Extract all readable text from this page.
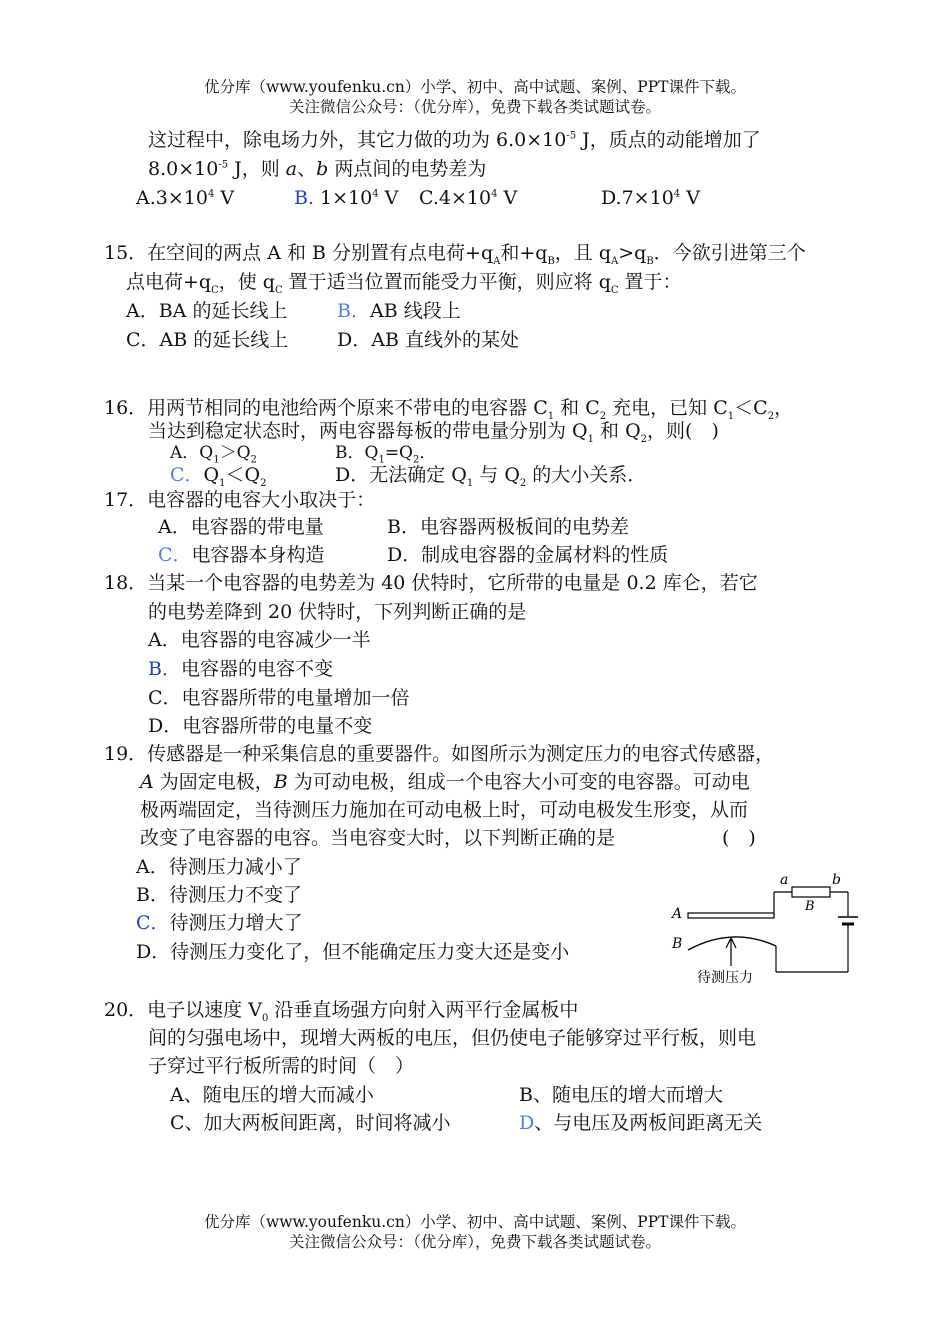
优分库（www.youfenku.cn）小学、初中、高中试题、案例、PPT课件下载。
关注微信公众号：（优分库），免费下载各类试题试卷。
这过程中，除电场力外，其它力做的功为 $6.0\times 10^{-5}$ J，质点的动能增加了
$8.0\times 10^{-5}$ J，则 a、b 两点间的电势差为
$A.3\times 10^4$ V	B. $1\times 10^4$ V $C.4\times 10^4$ V	$D.7\times 10^4$ V
15．在空间的两点 A 和 B 分别置有点电荷$+q_A$和$+q_B$，且 $q_A>q_B$．今欲引进第三个
点电荷$+q_C$，使 $q_C$ 置于适当位置而能受力平衡，则应将 $q_C$ 置于：
A．BA 的延长线上	B．AB 线段上
C．AB 的延长线上	D．AB 直线外的某处
16．用两节相同的电池给两个原来不带电的电容器 $C_1$ 和 $C_2$ 充电，已知 $C_1<C_2$，
当达到稳定状态时，两电容器每板的带电量分别为 $Q_1$ 和 $Q_2$，则(　)
A．$Q_1>Q_2$	B．$Q_1=Q_2$．
C．$Q_1<Q_2$	D．无法确定 $Q_1$ 与 $Q_2$ 的大小关系．
17．电容器的电容大小取决于：
A．电容器的带电量	B．电容器两极板间的电势差
C．电容器本身构造	D．制成电容器的金属材料的性质
18．当某一个电容器的电势差为 40 伏特时，它所带的电量是 0.2 库仑，若它
的电势差降到 20 伏特时，下列判断正确的是
A．电容器的电容减少一半
B．电容器的电容不变
C．电容器所带的电量增加一倍
D．电容器所带的电量不变
19．传感器是一种采集信息的重要器件。如图所示为测定压力的电容式传感器，
A 为固定电极，B 为可动电极，组成一个电容大小可变的电容器。可动电
极两端固定，当待测压力施加在可动电极上时，可动电极发生形变，从而
改变了电容器的电容。当电容变大时，以下判断正确的是	(　)
A．待测压力减小了
B．待测压力不变了
C．待测压力增大了
D．待测压力变化了，但不能确定压力变大还是变小
a	b
B
A
B
待测压力
20．电子以速度 $V_0$ 沿垂直场强方向射入两平行金属板中
间的匀强电场中，现增大两板的电压，但仍使电子能够穿过平行板，则电
子穿过平行板所需的时间（　）
A、随电压的增大而减小	B、随电压的增大而增大
C、加大两板间距离，时间将减小	D、与电压及两板间距离无关
优分库（www.youfenku.cn）小学、初中、高中试题、案例、PPT课件下载。
关注微信公众号：（优分库），免费下载各类试题试卷。
